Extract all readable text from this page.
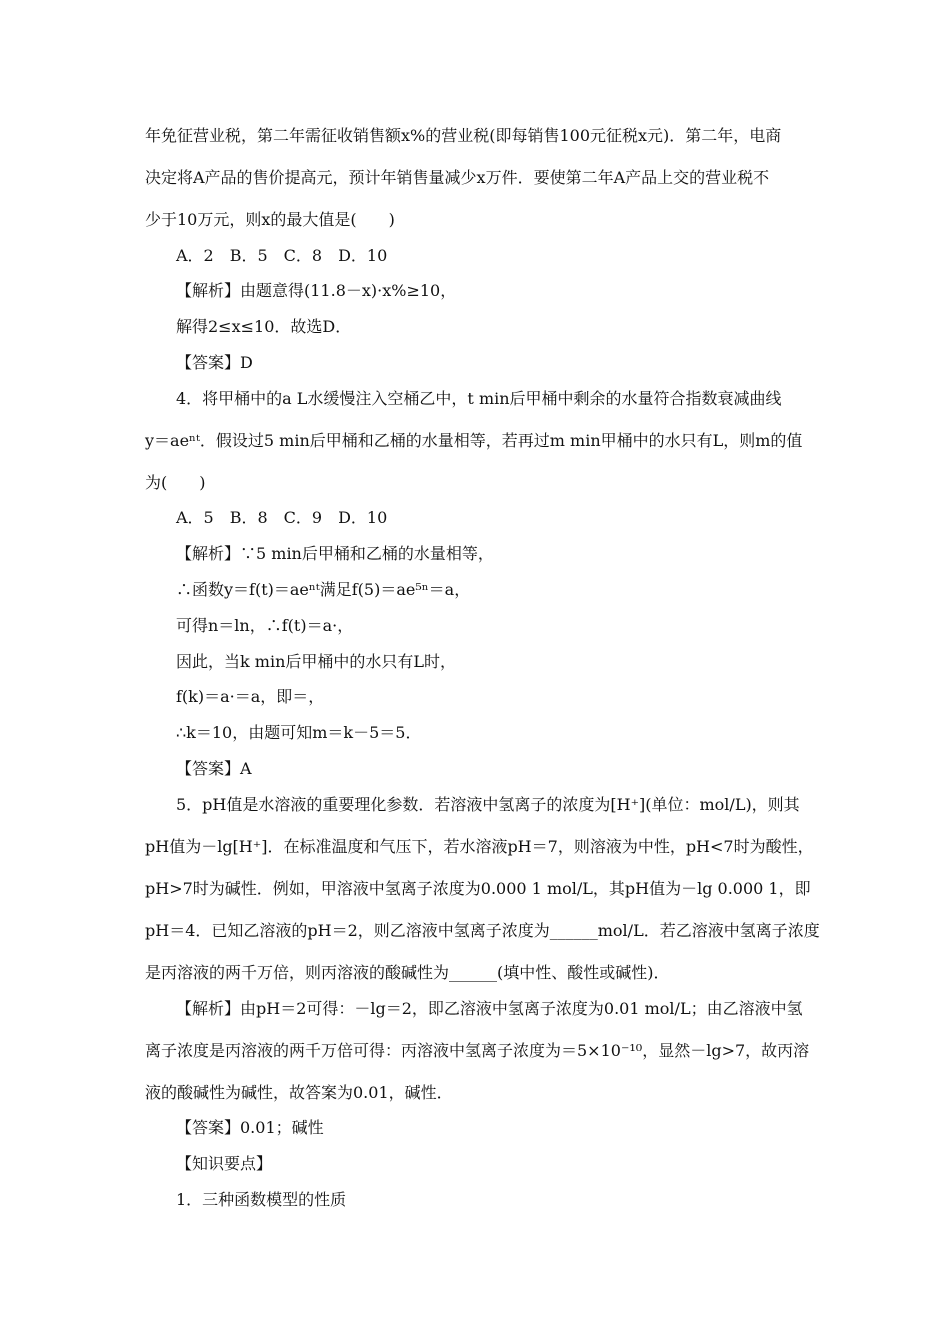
年免征营业税，第二年需征收销售额x%的营业税(即每销售100元征税x元)．第二年，电商
决定将A产品的售价提高元，预计年销售量减少x万件．要使第二年A产品上交的营业税不
少于10万元，则x的最大值是(　　)
A．2　B．5　C．8　D．10
【解析】由题意得(11.8－x)·x%≥10，
解得2≤x≤10．故选D．
【答案】D
4．将甲桶中的a L水缓慢注入空桶乙中，t min后甲桶中剩余的水量符合指数衰减曲线
y＝aeⁿᵗ．假设过5 min后甲桶和乙桶的水量相等，若再过m min甲桶中的水只有L，则m的值
为(　　)
A．5　B．8　C．9　D．10
【解析】∵5 min后甲桶和乙桶的水量相等，
∴函数y＝f(t)＝aeⁿᵗ满足f(5)＝ae⁵ⁿ＝a，
可得n＝ln，∴f(t)＝a·，
因此，当k min后甲桶中的水只有L时，
f(k)＝a·＝a，即＝，
∴k＝10，由题可知m＝k－5＝5．
【答案】A
5．pH值是水溶液的重要理化参数．若溶液中氢离子的浓度为[H⁺](单位：mol/L)，则其
pH值为－lg[H⁺]．在标准温度和气压下，若水溶液pH＝7，则溶液为中性，pH<7时为酸性，
pH>7时为碱性．例如，甲溶液中氢离子浓度为0.000 1 mol/L，其pH值为－lg 0.000 1，即
pH＝4．已知乙溶液的pH＝2，则乙溶液中氢离子浓度为______mol/L．若乙溶液中氢离子浓度
是丙溶液的两千万倍，则丙溶液的酸碱性为______(填中性、酸性或碱性)．
【解析】由pH＝2可得：－lg＝2，即乙溶液中氢离子浓度为0.01 mol/L；由乙溶液中氢
离子浓度是丙溶液的两千万倍可得：丙溶液中氢离子浓度为＝5×10⁻¹⁰，显然－lg>7，故丙溶
液的酸碱性为碱性，故答案为0.01，碱性．
【答案】0.01；碱性
【知识要点】
1．三种函数模型的性质
